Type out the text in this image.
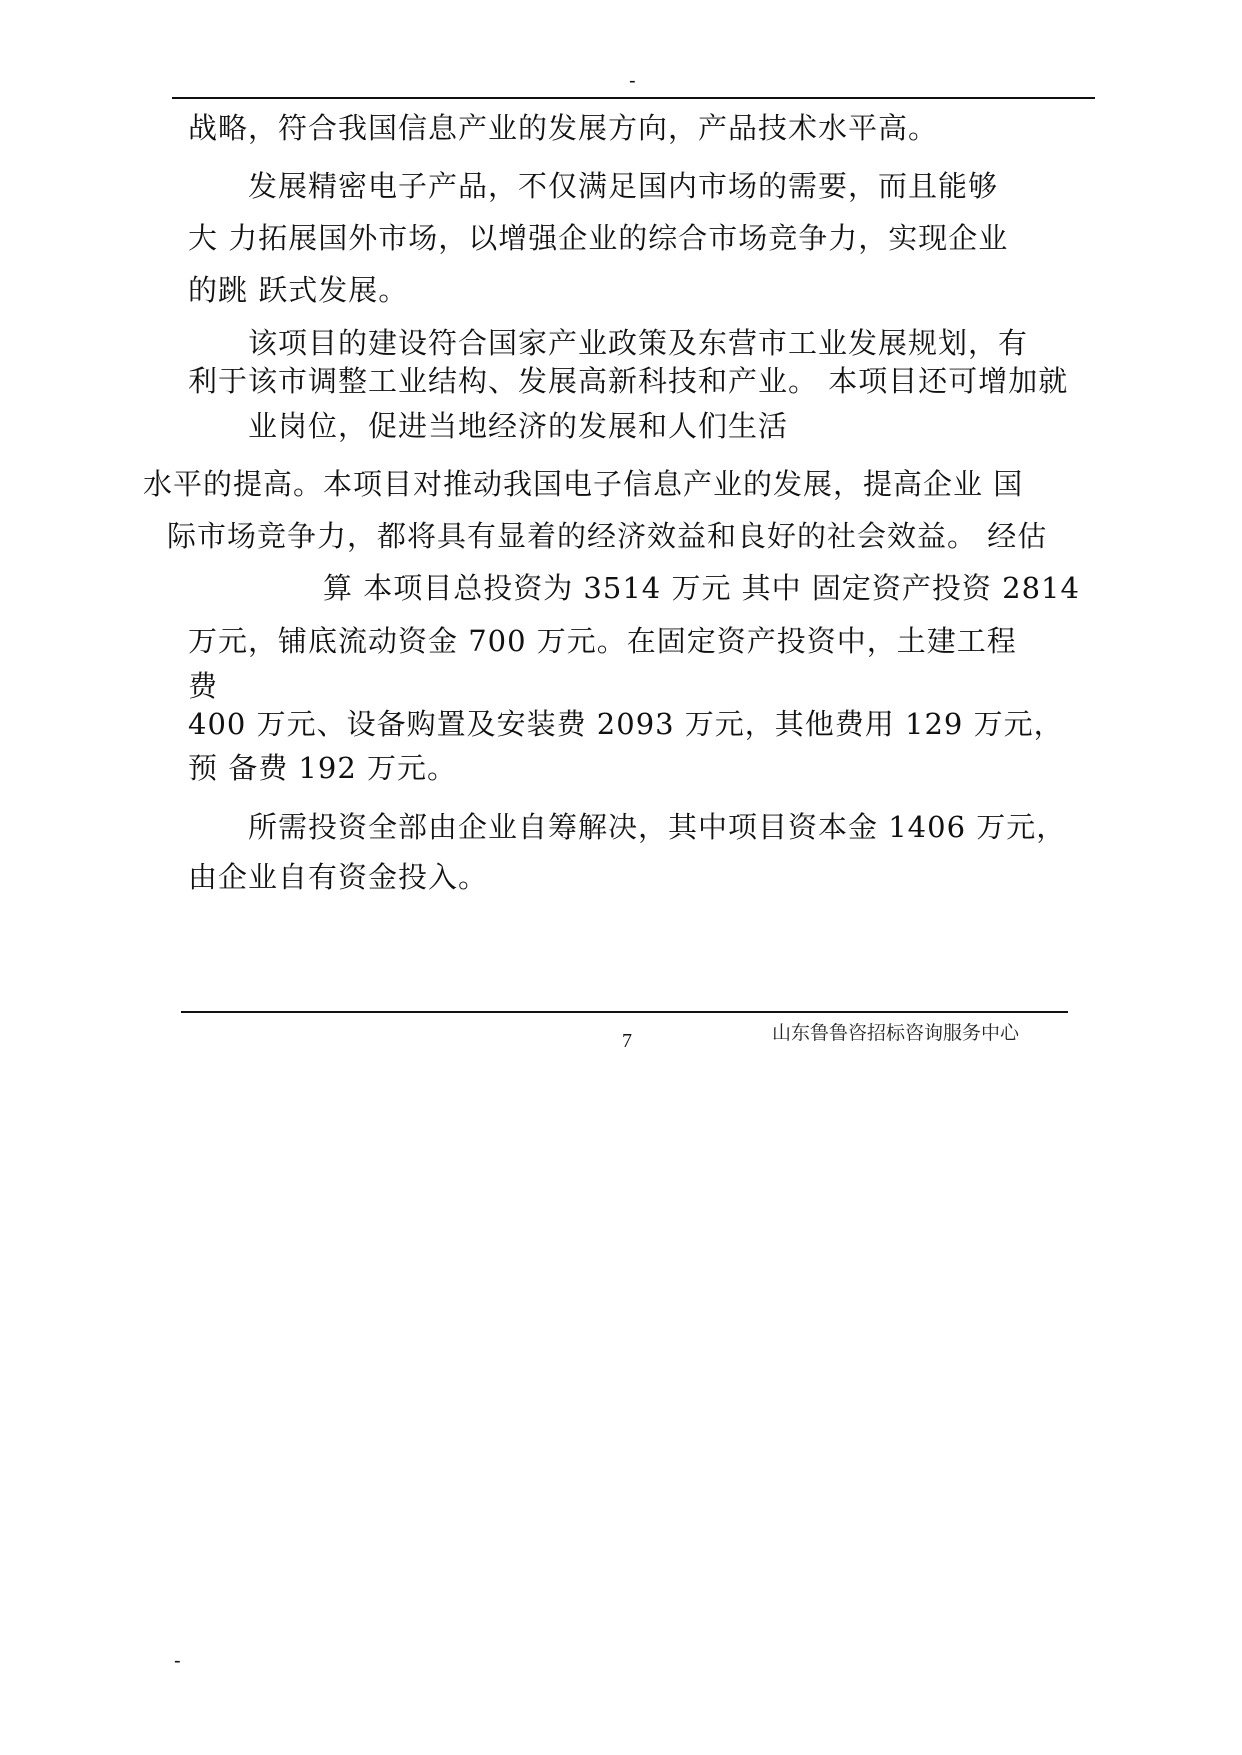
-
战略，符合我国信息产业的发展方向，产品技术水平高。
发展精密电子产品，不仅满足国内市场的需要，而且能够
大 力拓展国外市场，以增强企业的综合市场竞争力，实现企业
的跳 跃式发展。
该项目的建设符合国家产业政策及东营市工业发展规划，有
利于该市调整工业结构、发展高新科技和产业。 本项目还可增加就
业岗位，促进当地经济的发展和人们生活
水平的提高。本项目对推动我国电子信息产业的发展，提高企业 国
际市场竞争力，都将具有显着的经济效益和良好的社会效益。 经估
算 本项目总投资为 3514 万元 其中 固定资产投资 2814
万元，铺底流动资金 700 万元。在固定资产投资中，土建工程
费
400 万元、设备购置及安装费 2093 万元，其他费用 129 万元，
预 备费 192 万元。
所需投资全部由企业自筹解决，其中项目资本金 1406 万元，
由企业自有资金投入。
7	山东鲁鲁咨招标咨询服务中心
-
